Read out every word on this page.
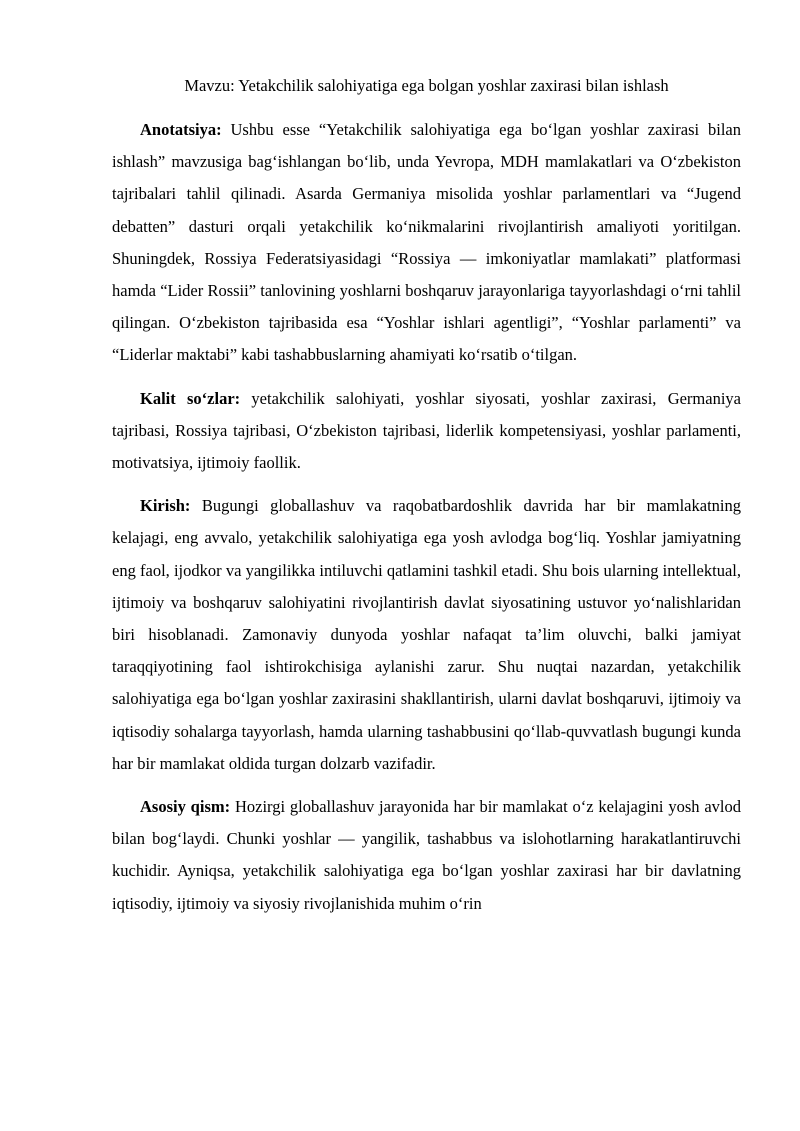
Mavzu: Yetakchilik salohiyatiga ega bolgan yoshlar zaxirasi bilan ishlash

Anotatsiya: Ushbu esse “Yetakchilik salohiyatiga ega bo‘lgan yoshlar zaxirasi bilan ishlash” mavzusiga bag‘ishlangan bo‘lib, unda Yevropa, MDH mamlakatlari va O‘zbekiston tajribalari tahlil qilinadi. Asarda Germaniya misolida yoshlar parlamentlari va “Jugend debatten” dasturi orqali yetakchilik ko‘nikmalarini rivojlantirish amaliyoti yoritilgan. Shuningdek, Rossiya Federatsiyasidagi “Rossiya — imkoniyatlar mamlakati” platformasi hamda “Lider Rossii” tanlovining yoshlarni boshqaruv jarayonlariga tayyorlashdagi o‘rni tahlil qilingan. O‘zbekiston tajribasida esa “Yoshlar ishlari agentligi”, “Yoshlar parlamenti” va “Liderlar maktabi” kabi tashabbuslarning ahamiyati ko‘rsatib o‘tilgan.

Kalit so‘zlar: yetakchilik salohiyati, yoshlar siyosati, yoshlar zaxirasi, Germaniya tajribasi, Rossiya tajribasi, O‘zbekiston tajribasi, liderlik kompetensiyasi, yoshlar parlamenti, motivatsiya, ijtimoiy faollik.

Kirish: Bugungi globallashuv va raqobatbardoshlik davrida har bir mamlakatning kelajagi, eng avvalo, yetakchilik salohiyatiga ega yosh avlodga bog‘liq. Yoshlar jamiyatning eng faol, ijodkor va yangilikka intiluvchi qatlamini tashkil etadi. Shu bois ularning intellektual, ijtimoiy va boshqaruv salohiyatini rivojlantirish davlat siyosatining ustuvor yo‘nalishlaridan biri hisoblanadi. Zamonaviy dunyoda yoshlar nafaqat ta’lim oluvchi, balki jamiyat taraqqiyotining faol ishtirokchisiga aylanishi zarur. Shu nuqtai nazardan, yetakchilik salohiyatiga ega bo‘lgan yoshlar zaxirasini shakllantirish, ularni davlat boshqaruvi, ijtimoiy va iqtisodiy sohalarga tayyorlash, hamda ularning tashabbusini qo‘llab-quvvatlash bugungi kunda har bir mamlakat oldida turgan dolzarb vazifadir.

Asosiy qism: Hozirgi globallashuv jarayonida har bir mamlakat o‘z kelajagini yosh avlod bilan bog‘laydi. Chunki yoshlar — yangilik, tashabbus va islohotlarning harakatlantiruvchi kuchidir. Ayniqsa, yetakchilik salohiyatiga ega bo‘lgan yoshlar zaxirasi har bir davlatning iqtisodiy, ijtimoiy va siyosiy rivojlanishida muhim o‘rin
